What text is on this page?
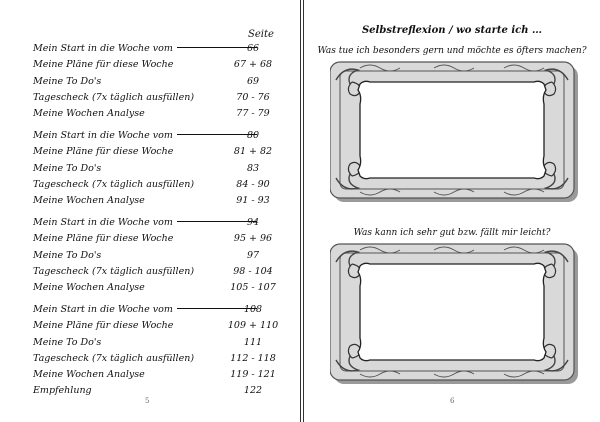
Seite
Mein Start in die Woche vom	66
Meine Pläne für diese Woche	67 + 68
Meine To Do's	69
Tagescheck (7x täglich ausfüllen)	70 - 76
Meine Wochen Analyse	77 - 79
Mein Start in die Woche vom	80
Meine Pläne für diese Woche	81 + 82
Meine To Do's	83
Tagescheck (7x täglich ausfüllen)	84 - 90
Meine Wochen Analyse	91 - 93
Mein Start in die Woche vom	94
Meine Pläne für diese Woche	95 + 96
Meine To Do's	97
Tagescheck (7x täglich ausfüllen)	98 - 104
Meine Wochen Analyse	105 - 107
Mein Start in die Woche vom	108
Meine Pläne für diese Woche	109 + 110
Meine To Do's	111
Tagescheck (7x täglich ausfüllen)	112 - 118
Meine Wochen Analyse	119 - 121
Empfehlung	122
5
Selbstreflexion / wo starte ich …
Was tue ich besonders gern und möchte es öfters machen?
Was kann ich sehr gut bzw. fällt mir leicht?
6
